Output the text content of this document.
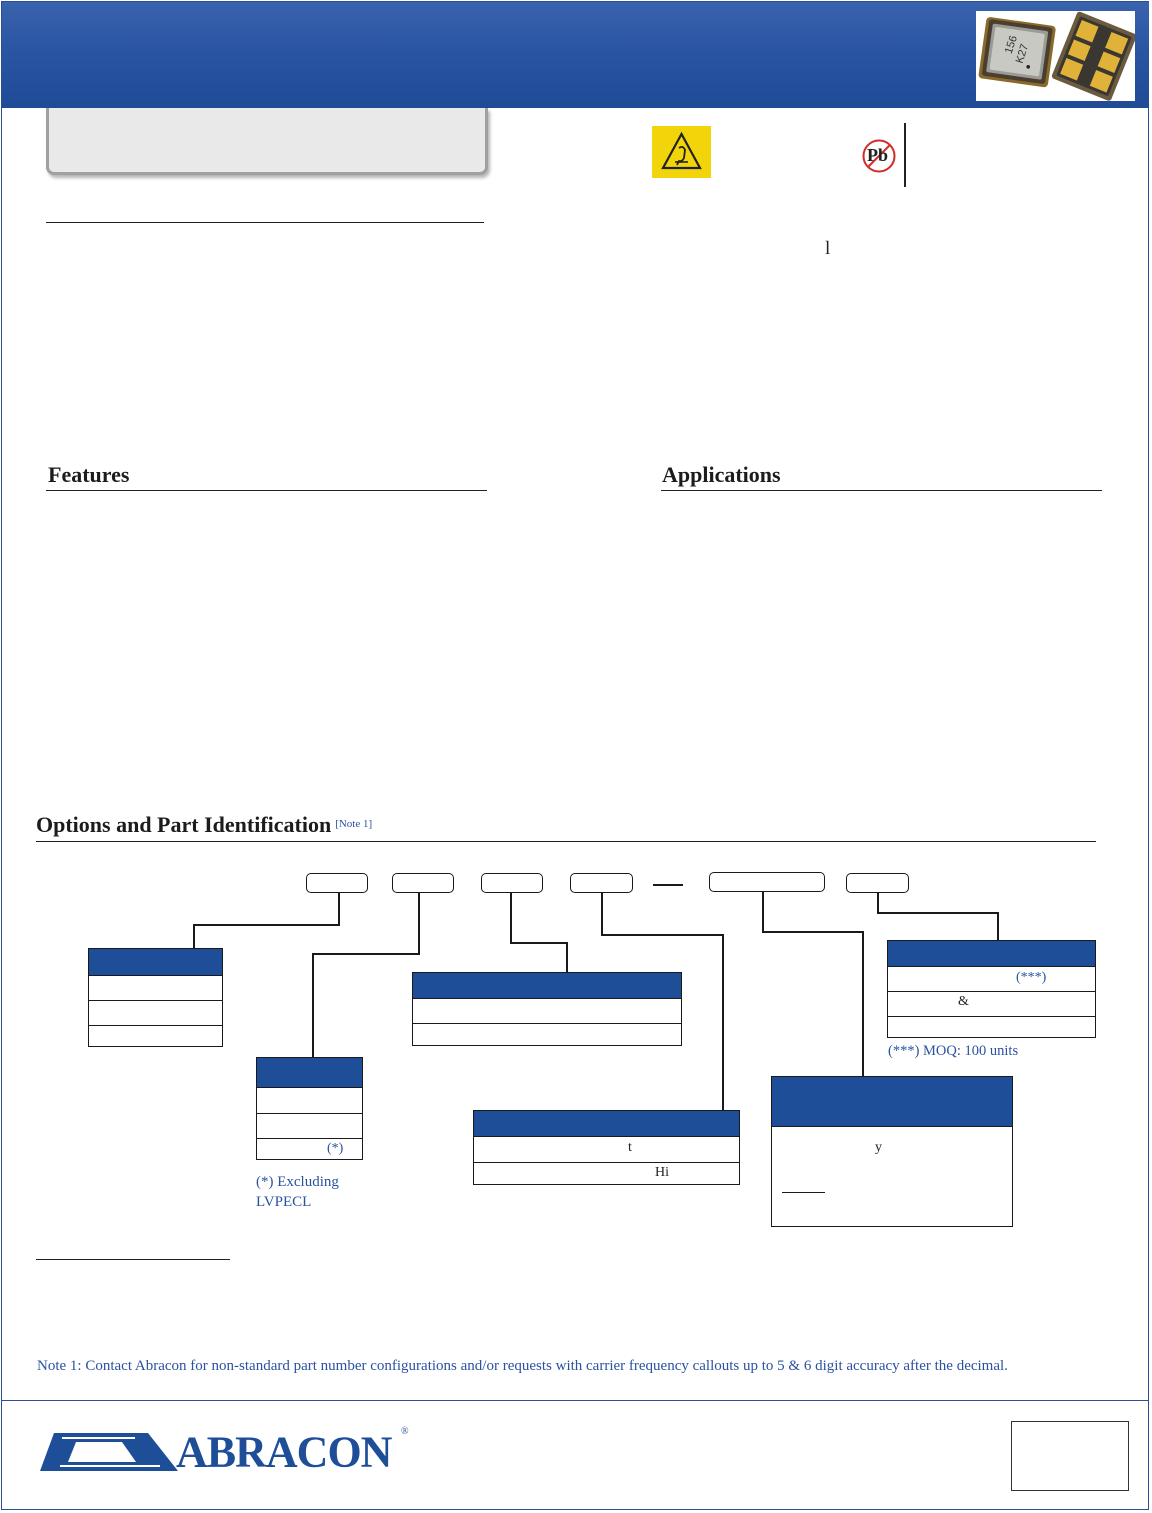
156
K27
Pb
l
Features	Applications
Options and Part Identification [Note 1]
(*)
(*) Excluding
LVPECL
t
Hi
y
(***)
&
(***) MOQ: 100 units
Note 1: Contact Abracon for non-standard part number configurations and/or requests with carrier frequency callouts up to 5 & 6 digit accuracy after the decimal.
ABRACON ®
